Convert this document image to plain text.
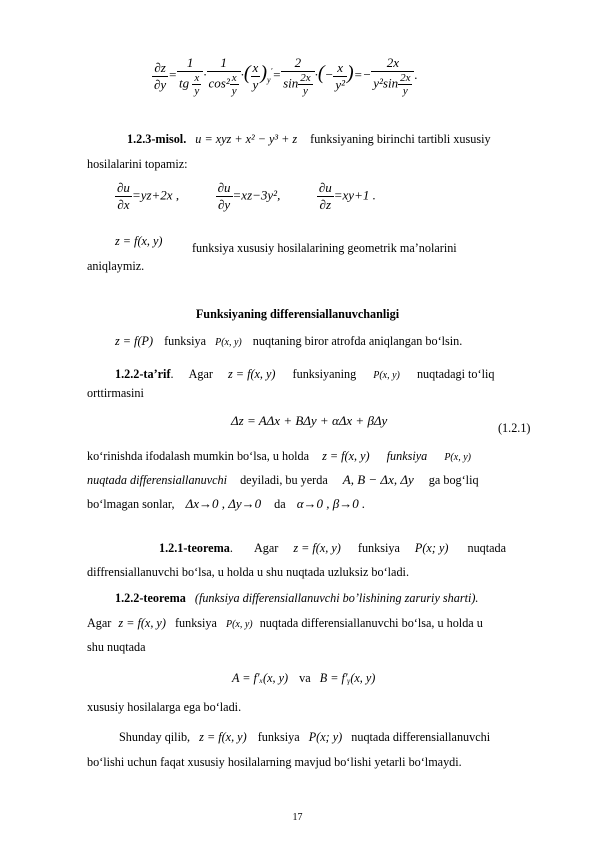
$\frac{\partial z}{\partial y} = \frac{1}{tg \frac{x}{y}} \cdot \frac{1}{\cos^2 \frac{x}{y}}$ ·( $\frac{x}{y} )_y'= \frac{2}{\sin \frac{2x}{y}}$ ·(− $\frac{x}{\text{y²}}$ )=− $\frac{2x}{y^2\sin \frac{2x}{y}}$ .
1.2.3-misol. u = xyz + x² − y³ + z funksiyaning birinchi tartibli xususiy
hosilalarini topamiz:
$\frac{\partial u}{\partial x} =yz+2x$ ,	$\frac{\partial u}{\partial y} =xz-3y^2$,	$\frac{\partial u}{\partial z} =xy+1$ .
z = f(x, y) funksiya xususiy hosilalarining geometrik ma’nolarini
aniqlaymiz.
Funksiyaning differensiallanuvchanligi
z = f(P) funksiya P(x, y) nuqtaning biror atrofda aniqlangan bo‘lsin.
1.2.2-ta’rif. Agar z = f(x, y) funksiyaning P(x, y) nuqtadagi to‘liq
orttirmasini
Δz = AΔx + BΔy + αΔx + βΔy	(1.2.1)
ko‘rinishda ifodalash mumkin bo‘lsa, u holda z = f(x, y) funksiya P(x, y)
nuqtada differensiallanuvchi deyiladi, bu yerda A, B − Δx, Δy ga bog‘liq
bo‘lmagan sonlar, Δx→0 , Δy→0 da α→0 , β→0 .
1.2.1-teorema. Agar z = f(x, y) funksiya P(x; y) nuqtada
diffrensiallanuvchi bo‘lsa, u holda u shu nuqtada uzluksiz bo‘ladi.
1.2.2-teorema (funksiya differensiallanuvchi bo’lishining zaruriy sharti).
Agar z = f(x, y) funksiya P(x, y) nuqtada differensiallanuvchi bo‘lsa, u holda u
shu nuqtada
A = f′ₓ(x, y) va B = f′ᵧ(x, y)
xususiy hosilalarga ega bo‘ladi.
Shunday qilib, z = f(x, y) funksiya P(x; y) nuqtada differensiallanuvchi
bo‘lishi uchun faqat xususiy hosilalarning mavjud bo‘lishi yetarli bo‘lmaydi.
17
